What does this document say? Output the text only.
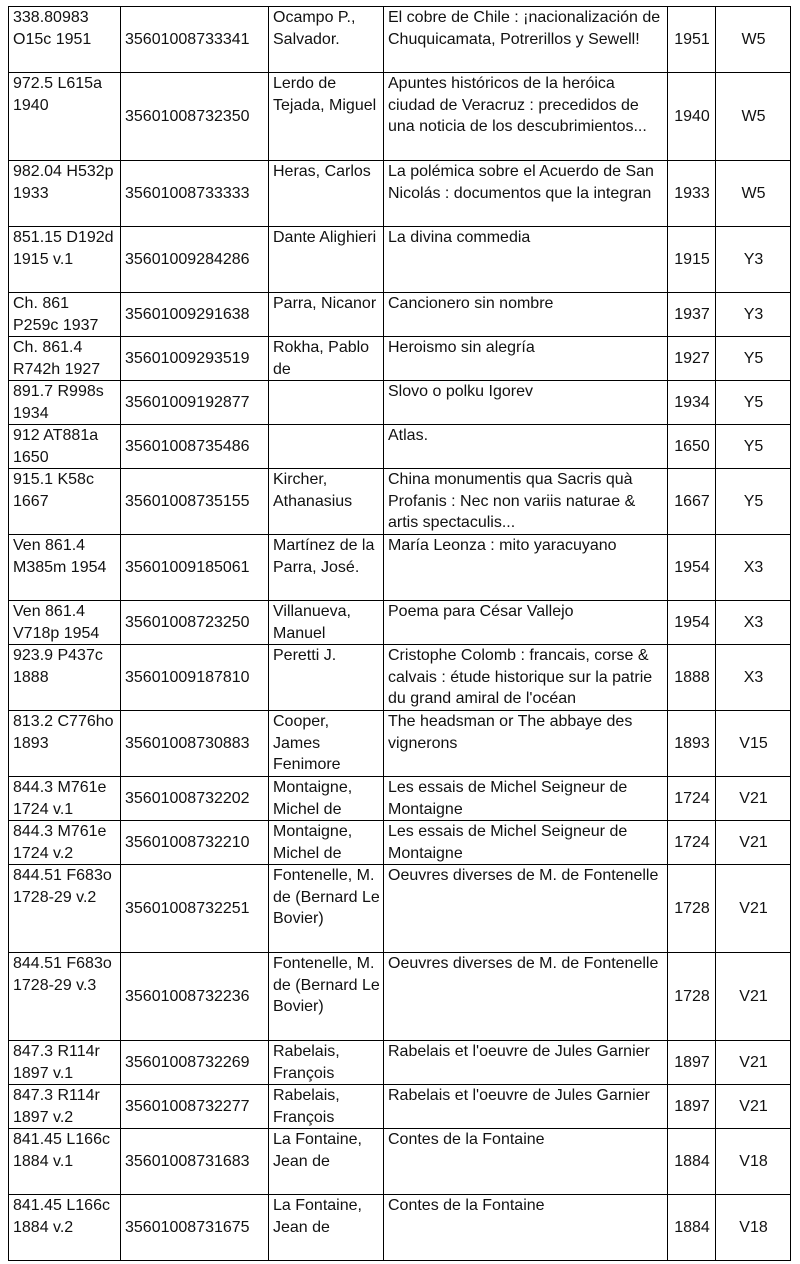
338.80983 O15c 1951	35601008733341	Ocampo P., Salvador.	El cobre de Chile : ¡nacionalización de Chuquicamata, Potrerillos y Sewell!	1951	W5
972.5 L615a 1940	35601008732350	Lerdo de Tejada, Miguel	Apuntes históricos de la heróica ciudad de Veracruz : precedidos de una noticia de los descubrimientos...	1940	W5
982.04 H532p 1933	35601008733333	Heras, Carlos	La polémica sobre el Acuerdo de San Nicolás : documentos que la integran	1933	W5
851.15 D192d 1915 v.1	35601009284286	Dante Alighieri	La divina commedia	1915	Y3
Ch. 861 P259c 1937	35601009291638	Parra, Nicanor	Cancionero sin nombre	1937	Y3
Ch. 861.4 R742h 1927	35601009293519	Rokha, Pablo de	Heroismo sin alegría	1927	Y5
891.7 R998s 1934	35601009192877		Slovo o polku Igorev	1934	Y5
912 AT881a 1650	35601008735486		Atlas.	1650	Y5
915.1 K58c 1667	35601008735155	Kircher, Athanasius	China monumentis qua Sacris quà Profanis : Nec non variis naturae & artis spectaculis...	1667	Y5
Ven 861.4 M385m 1954	35601009185061	Martínez de la Parra, José.	María Leonza : mito yaracuyano	1954	X3
Ven 861.4 V718p 1954	35601008723250	Villanueva, Manuel	Poema para César Vallejo	1954	X3
923.9 P437c 1888	35601009187810	Peretti J.	Cristophe Colomb : francais, corse & calvais : étude historique sur la patrie du grand amiral de l'océan	1888	X3
813.2 C776ho 1893	35601008730883	Cooper, James Fenimore	The headsman or The abbaye des vignerons	1893	V15
844.3 M761e 1724 v.1	35601008732202	Montaigne, Michel de	Les essais de Michel Seigneur de Montaigne	1724	V21
844.3 M761e 1724 v.2	35601008732210	Montaigne, Michel de	Les essais de Michel Seigneur de Montaigne	1724	V21
844.51 F683o 1728-29 v.2	35601008732251	Fontenelle, M. de (Bernard Le Bovier)	Oeuvres diverses de M. de Fontenelle	1728	V21
844.51 F683o 1728-29 v.3	35601008732236	Fontenelle, M. de (Bernard Le Bovier)	Oeuvres diverses de M. de Fontenelle	1728	V21
847.3 R114r 1897 v.1	35601008732269	Rabelais, François	Rabelais et l'oeuvre de Jules Garnier	1897	V21
847.3 R114r 1897 v.2	35601008732277	Rabelais, François	Rabelais et l'oeuvre de Jules Garnier	1897	V21
841.45 L166c 1884 v.1	35601008731683	La Fontaine, Jean de	Contes de la Fontaine	1884	V18
841.45 L166c 1884 v.2	35601008731675	La Fontaine, Jean de	Contes de la Fontaine	1884	V18
